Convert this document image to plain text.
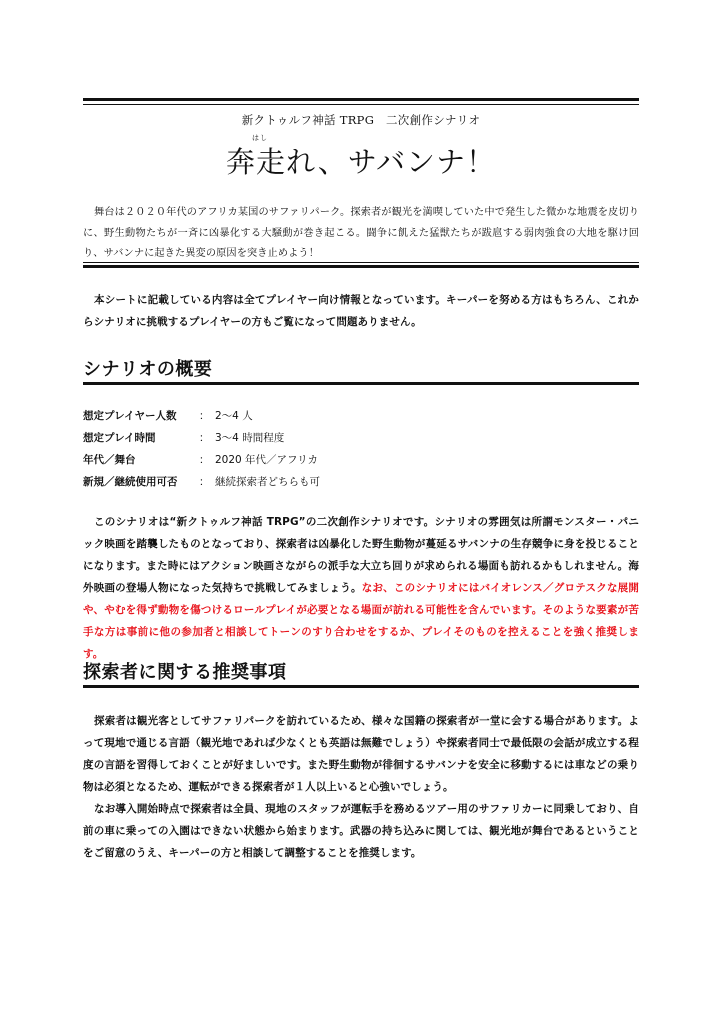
新クトゥルフ神話 TRPG　二次創作シナリオ
はし
奔走れ、サバンナ！
舞台は２０２０年代のアフリカ某国のサファリパーク。探索者が観光を満喫していた中で発生した微かな地震を皮切りに、野生動物たちが一斉に凶暴化する大騒動が巻き起こる。闘争に飢えた猛獣たちが跋扈する弱肉強食の大地を駆け回り、サバンナに起きた異変の原因を突き止めよう！
本シートに記載している内容は全てプレイヤー向け情報となっています。キーパーを努める方はもちろん、これからシナリオに挑戦するプレイヤーの方もご覧になって問題ありません。
シナリオの概要
想定プレイヤー人数	： 2～4 人
想定プレイ時間	： 3～4 時間程度
年代／舞台	： 2020 年代／アフリカ
新規／継続使用可否	： 継続探索者どちらも可

このシナリオは“新クトゥルフ神話 TRPG”の二次創作シナリオです。シナリオの雰囲気は所謂モンスター・パニック映画を踏襲したものとなっており、探索者は凶暴化した野生動物が蔓延るサバンナの生存競争に身を投じることになります。また時にはアクション映画さながらの派手な大立ち回りが求められる場面も訪れるかもしれません。海外映画の登場人物になった気持ちで挑戦してみましょう。なお、このシナリオにはバイオレンス／グロテスクな展開や、やむを得ず動物を傷つけるロールプレイが必要となる場面が訪れる可能性を含んでいます。そのような要素が苦手な方は事前に他の参加者と相談してトーンのすり合わせをするか、プレイそのものを控えることを強く推奨します。

探索者に関する推奨事項

探索者は観光客としてサファリパークを訪れているため、様々な国籍の探索者が一堂に会する場合があります。よって現地で通じる言語（観光地であれば少なくとも英語は無難でしょう）や探索者同士で最低限の会話が成立する程度の言語を習得しておくことが好ましいです。また野生動物が徘徊するサバンナを安全に移動するには車などの乗り物は必須となるため、運転ができる探索者が１人以上いると心強いでしょう。

なお導入開始時点で探索者は全員、現地のスタッフが運転手を務めるツアー用のサファリカーに同乗しており、自前の車に乗っての入園はできない状態から始まります。武器の持ち込みに関しては、観光地が舞台であるということをご留意のうえ、キーパーの方と相談して調整することを推奨します。
